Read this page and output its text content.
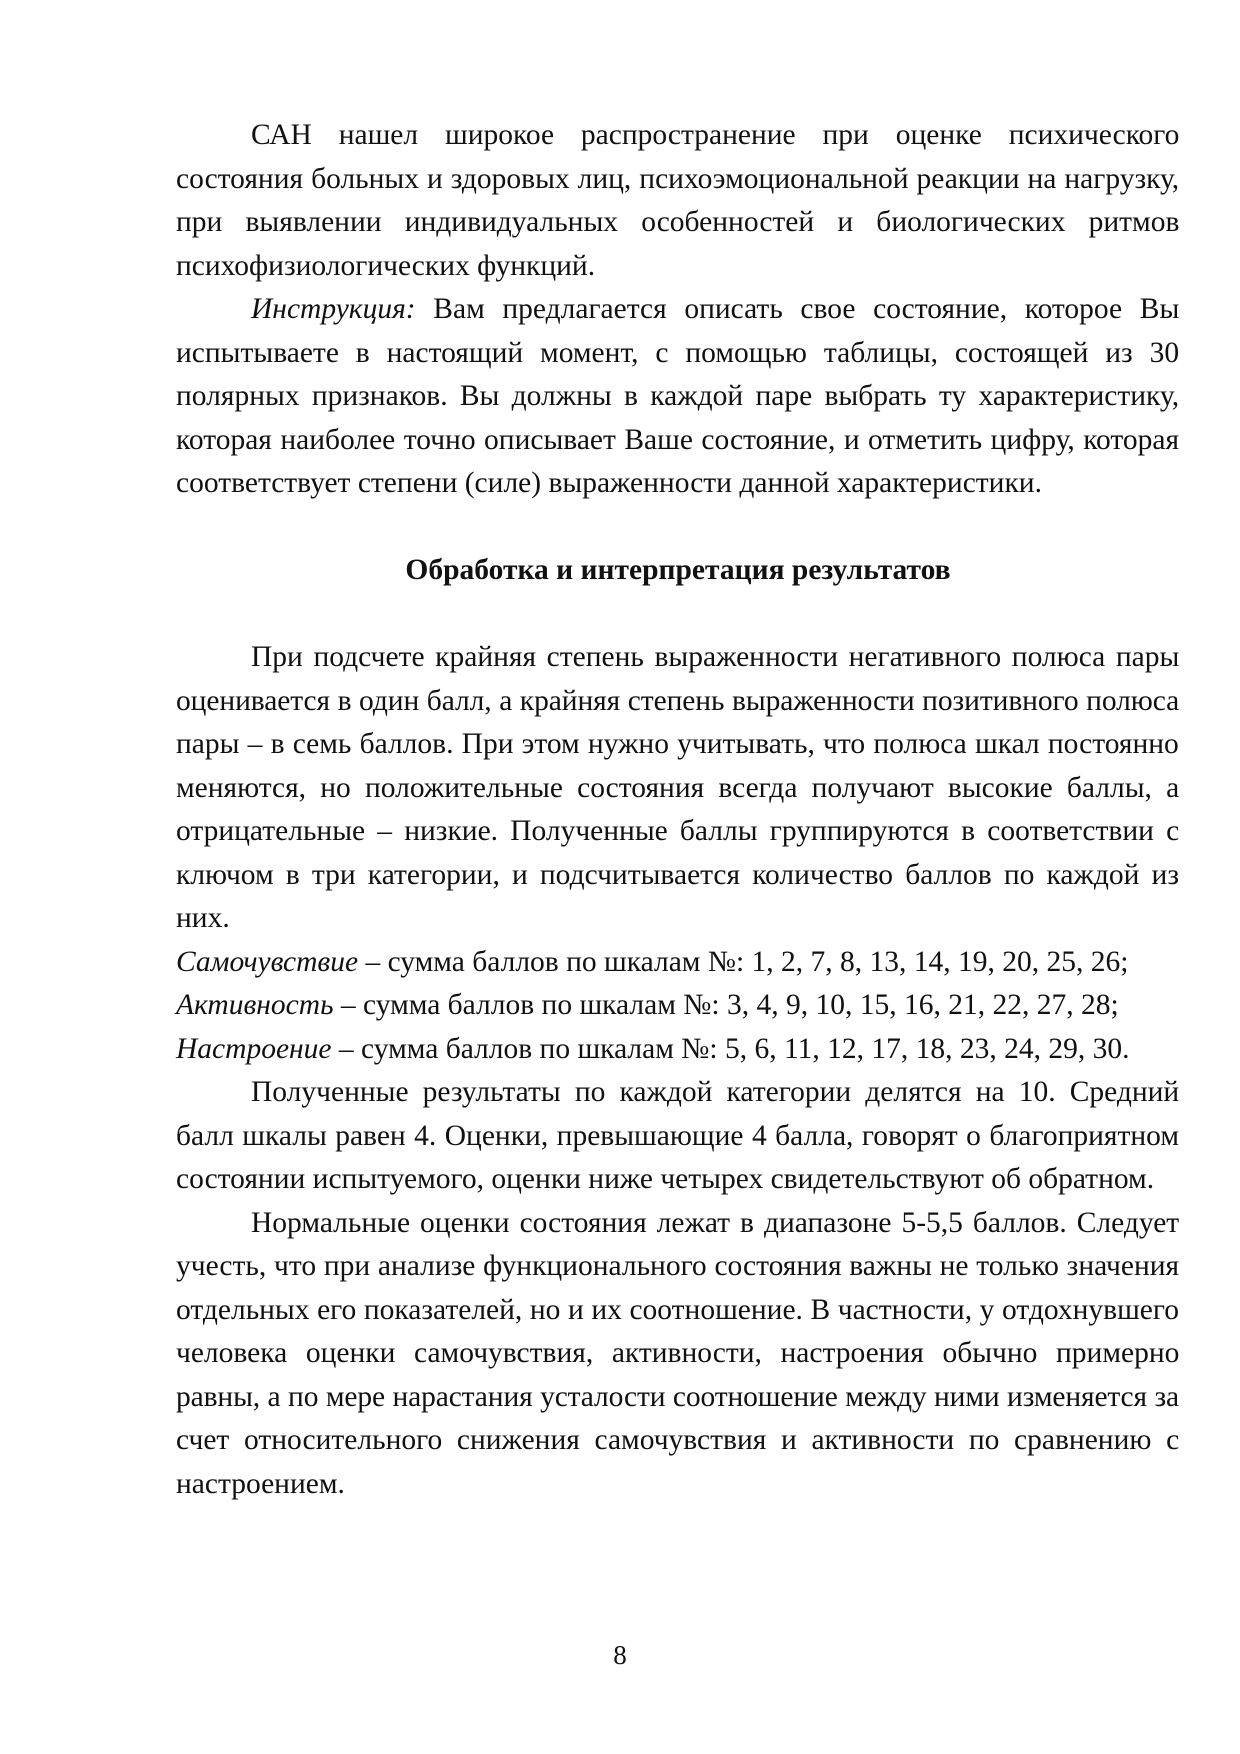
САН нашел широкое распространение при оценке психического
состояния больных и здоровых лиц, психоэмоциональной реакции на нагрузку,
при выявлении индивидуальных особенностей и биологических ритмов
психофизиологических функций.
Инструкция: Вам предлагается описать свое состояние, которое Вы
испытываете в настоящий момент, с помощью таблицы, состоящей из 30
полярных признаков. Вы должны в каждой паре выбрать ту характеристику,
которая наиболее точно описывает Ваше состояние, и отметить цифру, которая
соответствует степени (силе) выраженности данной характеристики.
Обработка и интерпретация результатов
При подсчете крайняя степень выраженности негативного полюса пары
оценивается в один балл, а крайняя степень выраженности позитивного полюса
пары – в семь баллов. При этом нужно учитывать, что полюса шкал постоянно
меняются, но положительные состояния всегда получают высокие баллы, а
отрицательные – низкие. Полученные баллы группируются в соответствии с
ключом в три категории, и подсчитывается количество баллов по каждой из
них.
Самочувствие – сумма баллов по шкалам №: 1, 2, 7, 8, 13, 14, 19, 20, 25, 26;
Активность – сумма баллов по шкалам №: 3, 4, 9, 10, 15, 16, 21, 22, 27, 28;
Настроение – сумма баллов по шкалам №: 5, 6, 11, 12, 17, 18, 23, 24, 29, 30.
Полученные результаты по каждой категории делятся на 10. Средний
балл шкалы равен 4. Оценки, превышающие 4 балла, говорят о благоприятном
состоянии испытуемого, оценки ниже четырех свидетельствуют об обратном.
Нормальные оценки состояния лежат в диапазоне 5-5,5 баллов. Следует
учесть, что при анализе функционального состояния важны не только значения
отдельных его показателей, но и их соотношение. В частности, у отдохнувшего
человека оценки самочувствия, активности, настроения обычно примерно
равны, а по мере нарастания усталости соотношение между ними изменяется за
счет относительного снижения самочувствия и активности по сравнению с
настроением.
8
